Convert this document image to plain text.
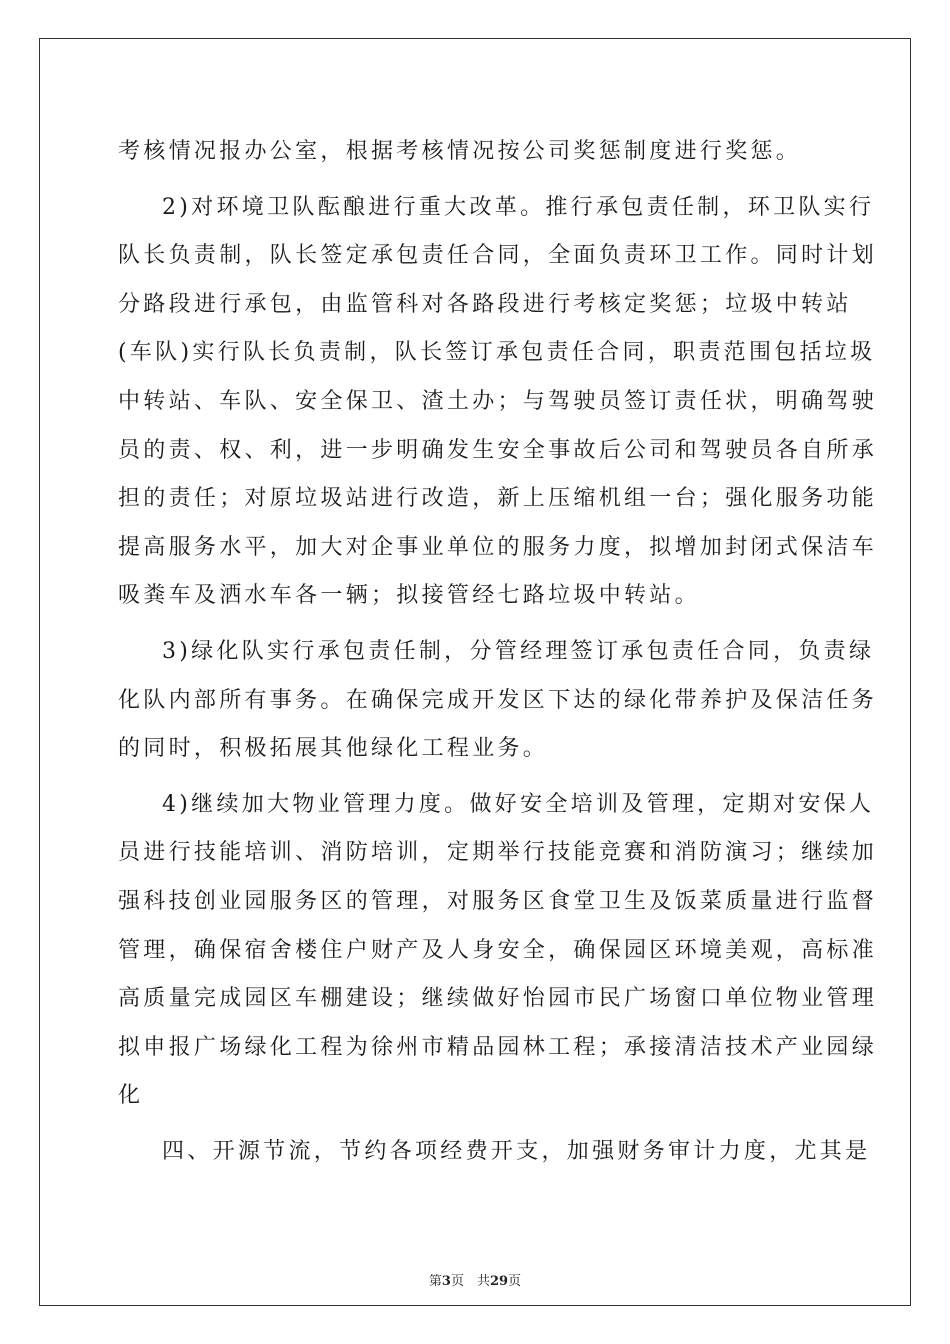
考核情况报办公室，根据考核情况按公司奖惩制度进行奖惩。
2)对环境卫队酝酿进行重大改革。推行承包责任制，环卫队实行
队长负责制，队长签定承包责任合同，全面负责环卫工作。同时计划
分路段进行承包，由监管科对各路段进行考核定奖惩；垃圾中转站
(车队)实行队长负责制，队长签订承包责任合同，职责范围包括垃圾
中转站、车队、安全保卫、渣土办；与驾驶员签订责任状，明确驾驶
员的责、权、利，进一步明确发生安全事故后公司和驾驶员各自所承
担的责任；对原垃圾站进行改造，新上压缩机组一台；强化服务功能
提高服务水平，加大对企事业单位的服务力度，拟增加封闭式保洁车
吸粪车及洒水车各一辆；拟接管经七路垃圾中转站。
3)绿化队实行承包责任制，分管经理签订承包责任合同，负责绿
化队内部所有事务。在确保完成开发区下达的绿化带养护及保洁任务
的同时，积极拓展其他绿化工程业务。
4)继续加大物业管理力度。做好安全培训及管理，定期对安保人
员进行技能培训、消防培训，定期举行技能竞赛和消防演习；继续加
强科技创业园服务区的管理，对服务区食堂卫生及饭菜质量进行监督
管理，确保宿舍楼住户财产及人身安全，确保园区环境美观，高标准
高质量完成园区车棚建设；继续做好怡园市民广场窗口单位物业管理
拟申报广场绿化工程为徐州市精品园林工程；承接清洁技术产业园绿
化
四、开源节流，节约各项经费开支，加强财务审计力度，尤其是
第3页　共29页
